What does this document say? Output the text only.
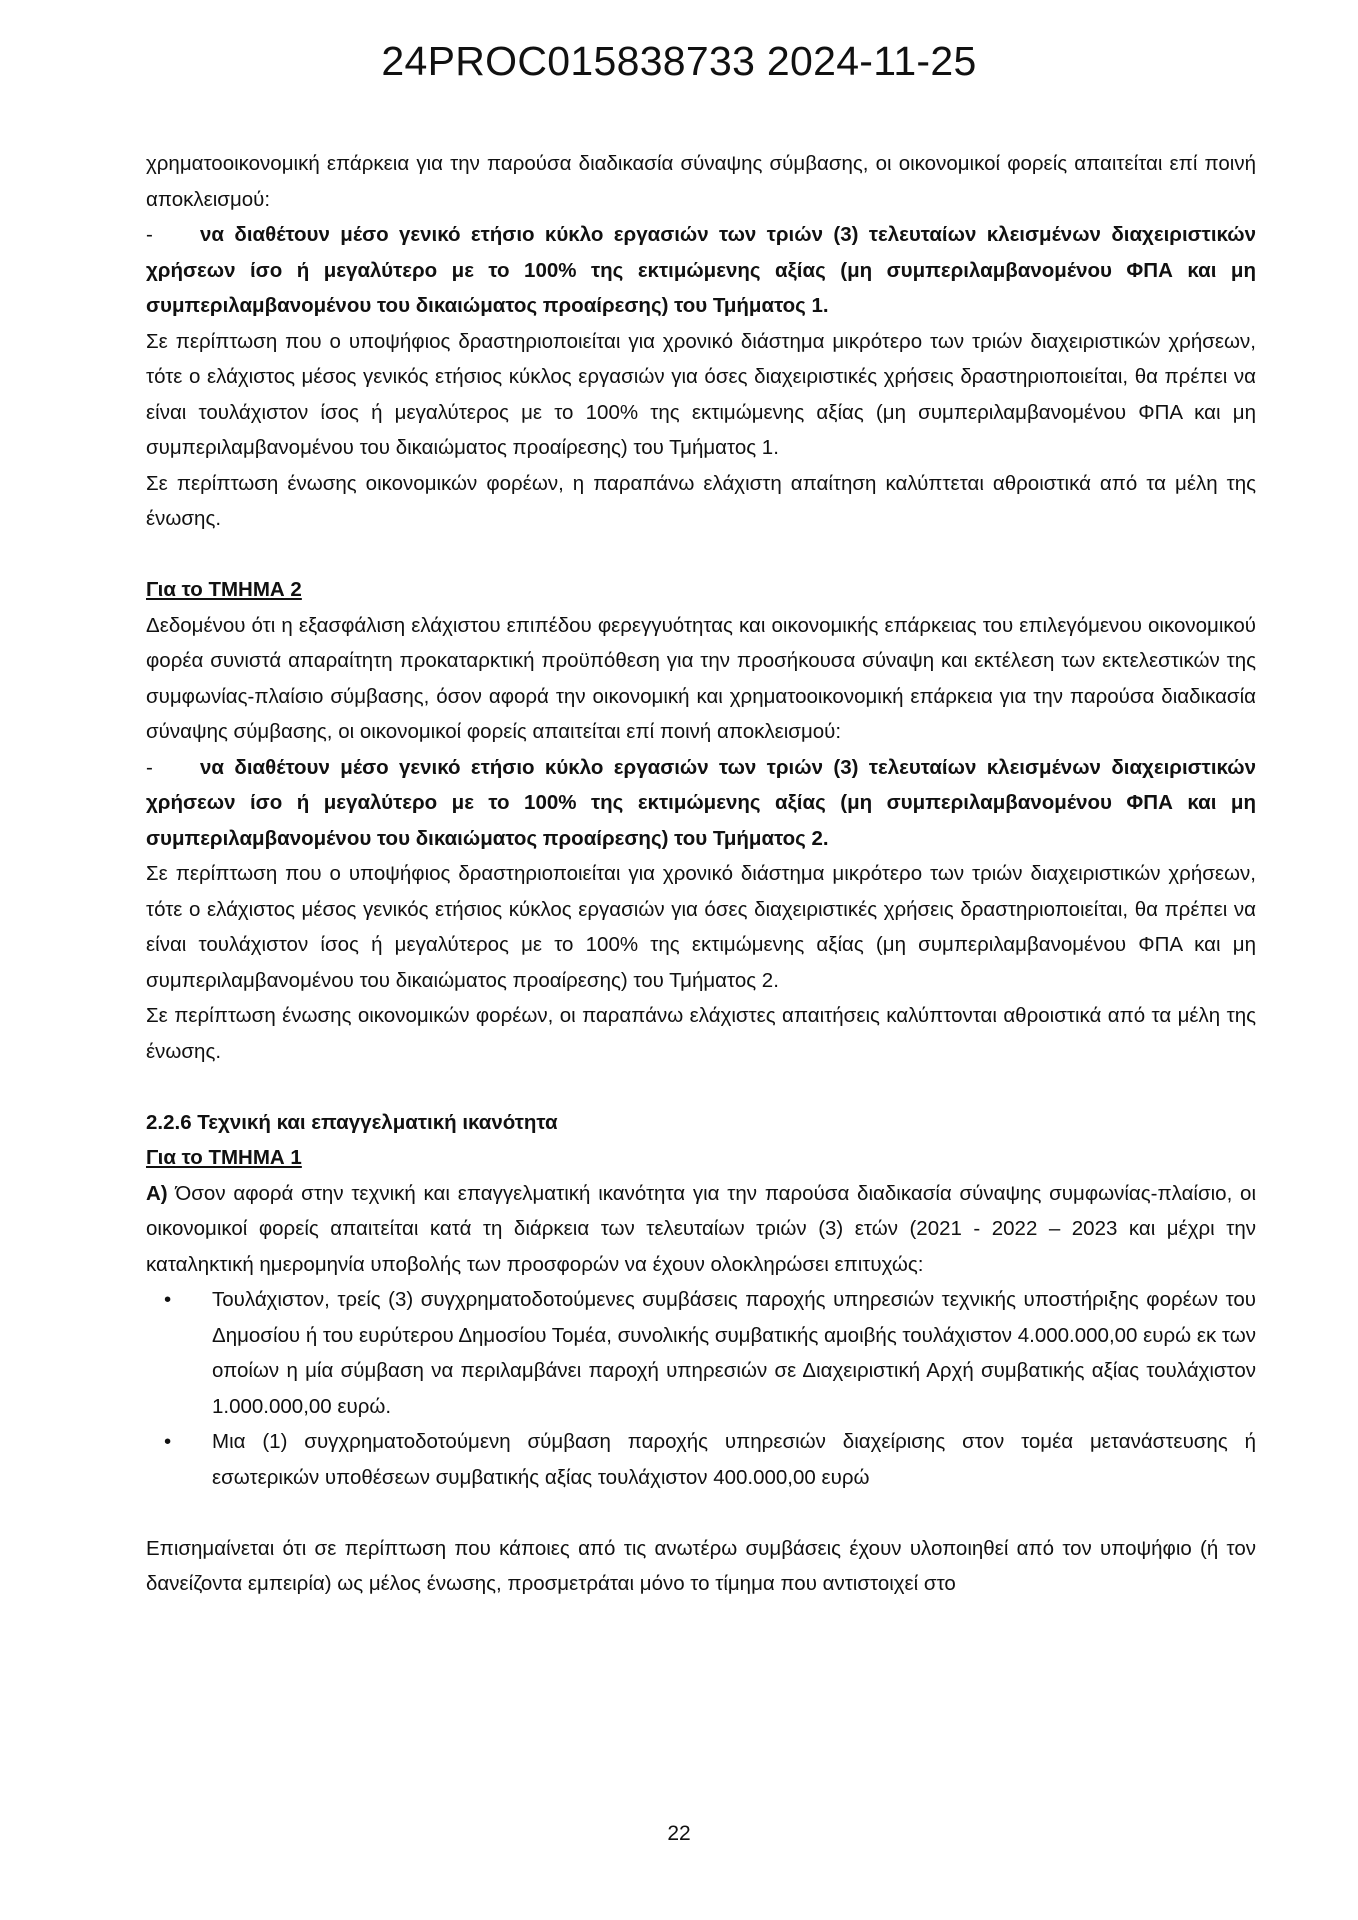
24PROC015838733 2024-11-25

χρηματοοικονομική επάρκεια για την παρούσα διαδικασία σύναψης σύμβασης, οι οικονομικοί φορείς απαιτείται επί ποινή αποκλεισμού:

-	να διαθέτουν μέσο γενικό ετήσιο κύκλο εργασιών των τριών (3) τελευταίων κλεισμένων διαχειριστικών χρήσεων ίσο ή μεγαλύτερο με το 100% της εκτιμώμενης αξίας (μη συμπεριλαμβανομένου ΦΠΑ και μη συμπεριλαμβανομένου του δικαιώματος προαίρεσης) του Τμήματος 1.

Σε περίπτωση που ο υποψήφιος δραστηριοποιείται για χρονικό διάστημα μικρότερο των τριών διαχειριστικών χρήσεων, τότε ο ελάχιστος μέσος γενικός ετήσιος κύκλος εργασιών για όσες διαχειριστικές χρήσεις δραστηριοποιείται, θα πρέπει να είναι τουλάχιστον ίσος ή μεγαλύτερος με το 100% της εκτιμώμενης αξίας (μη συμπεριλαμβανομένου ΦΠΑ και μη συμπεριλαμβανομένου του δικαιώματος προαίρεσης) του Τμήματος 1.

Σε περίπτωση ένωσης οικονομικών φορέων, η παραπάνω ελάχιστη απαίτηση καλύπτεται αθροιστικά από τα μέλη της ένωσης.

Για το ΤΜΗΜΑ 2

Δεδομένου ότι η εξασφάλιση ελάχιστου επιπέδου φερεγγυότητας και οικονομικής επάρκειας του επιλεγόμενου οικονομικού φορέα συνιστά απαραίτητη προκαταρκτική προϋπόθεση για την προσήκουσα σύναψη και εκτέλεση των εκτελεστικών της συμφωνίας-πλαίσιο σύμβασης, όσον αφορά την οικονομική και χρηματοοικονομική επάρκεια για την παρούσα διαδικασία σύναψης σύμβασης, οι οικονομικοί φορείς απαιτείται επί ποινή αποκλεισμού:

-	να διαθέτουν μέσο γενικό ετήσιο κύκλο εργασιών των τριών (3) τελευταίων κλεισμένων διαχειριστικών χρήσεων ίσο ή μεγαλύτερο με το 100% της εκτιμώμενης αξίας (μη συμπεριλαμβανομένου ΦΠΑ και μη συμπεριλαμβανομένου του δικαιώματος προαίρεσης) του Τμήματος 2.

Σε περίπτωση που ο υποψήφιος δραστηριοποιείται για χρονικό διάστημα μικρότερο των τριών διαχειριστικών χρήσεων, τότε ο ελάχιστος μέσος γενικός ετήσιος κύκλος εργασιών για όσες διαχειριστικές χρήσεις δραστηριοποιείται, θα πρέπει να είναι τουλάχιστον ίσος ή μεγαλύτερος με το 100% της εκτιμώμενης αξίας (μη συμπεριλαμβανομένου ΦΠΑ και μη συμπεριλαμβανομένου του δικαιώματος προαίρεσης) του Τμήματος 2.

Σε περίπτωση ένωσης οικονομικών φορέων, οι παραπάνω ελάχιστες απαιτήσεις καλύπτονται αθροιστικά από τα μέλη της ένωσης.

2.2.6 Τεχνική και επαγγελματική ικανότητα

Για το ΤΜΗΜΑ 1

Α) Όσον αφορά στην τεχνική και επαγγελματική ικανότητα για την παρούσα διαδικασία σύναψης συμφωνίας-πλαίσιο, οι οικονομικοί φορείς απαιτείται κατά τη διάρκεια των τελευταίων τριών (3) ετών (2021 - 2022 – 2023 και μέχρι την καταληκτική ημερομηνία υποβολής των προσφορών να έχουν ολοκληρώσει επιτυχώς:

• Τουλάχιστον, τρείς (3) συγχρηματοδοτούμενες συμβάσεις παροχής υπηρεσιών τεχνικής υποστήριξης φορέων του Δημοσίου ή του ευρύτερου Δημοσίου Τομέα, συνολικής συμβατικής αμοιβής τουλάχιστον 4.000.000,00 ευρώ εκ των οποίων η μία σύμβαση να περιλαμβάνει παροχή υπηρεσιών σε Διαχειριστική Αρχή συμβατικής αξίας τουλάχιστον 1.000.000,00 ευρώ.
• Μια (1) συγχρηματοδοτούμενη σύμβαση παροχής υπηρεσιών διαχείρισης στον τομέα μετανάστευσης ή εσωτερικών υποθέσεων συμβατικής αξίας τουλάχιστον 400.000,00 ευρώ

Επισημαίνεται ότι σε περίπτωση που κάποιες από τις ανωτέρω συμβάσεις έχουν υλοποιηθεί από τον υποψήφιο (ή τον δανείζοντα εμπειρία) ως μέλος ένωσης, προσμετράται μόνο το τίμημα που αντιστοιχεί στο

22
